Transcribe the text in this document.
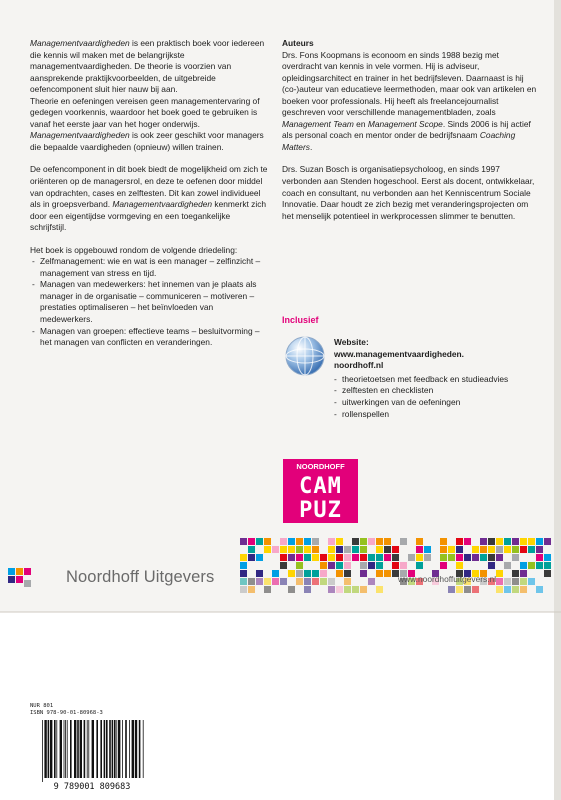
Managementvaardigheden is een praktisch boek voor iedereen die kennis wil maken met de belangrijkste managementvaardigheden. De theorie is voorzien van aansprekende praktijkvoorbeelden, de uitgebreide oefencomponent sluit hier nauw bij aan.

Theorie en oefeningen vereisen geen managementervaring of gedegen voorkennis, waardoor het boek goed te gebruiken is vanaf het eerste jaar van het hoger onderwijs.

Managementvaardigheden is ook zeer geschikt voor managers die bepaalde vaardigheden (opnieuw) willen trainen.

De oefencomponent in dit boek biedt de mogelijkheid om zich te oriënteren op de managersrol, en deze te oefenen door middel van opdrachten, cases en zelftesten. Dit kan zowel individueel als in groepsverband. Managementvaardigheden kenmerkt zich door een eigentijdse vormgeving en een toegankelijke schrijfstijl.

Het boek is opgebouwd rondom de volgende driedeling:

- Zelfmanagement: wie en wat is een manager – zelfinzicht – management van stress en tijd.
- Managen van medewerkers: het innemen van je plaats als manager in de organisatie – communiceren – motiveren – prestaties optimaliseren – het beïnvloeden van medewerkers.
- Managen van groepen: effectieve teams – besluitvorming – het managen van conflicten en veranderingen.

Auteurs

Drs. Fons Koopmans is econoom en sinds 1988 bezig met overdracht van kennis in vele vormen. Hij is adviseur, opleidingsarchitect en trainer in het bedrijfsleven. Daarnaast is hij (co-)auteur van educatieve leermethoden, maar ook van artikelen en boeken voor professionals. Hij heeft als freelancejournalist geschreven voor verschillende managementbladen, zoals Management Team en Management Scope. Sinds 2006 is hij actief als personal coach en mentor onder de bedrijfsnaam Coaching Matters.

Drs. Suzan Bosch is organisatiepsycholoog, en sinds 1997 verbonden aan Stenden hogeschool. Eerst als docent, ontwikkelaar, coach en consultant, nu verbonden aan het Kenniscentrum Sociale Innovatie. Daar houdt ze zich bezig met veranderingsprojecten om het menselijk potentieel in werkprocessen slimmer te benutten.

Inclusief
Website:
www.managementvaardigheden.
noordhoff.nl
- theorietoetsen met feedback en studieadvies
- zelftesten en checklisten
- uitwerkingen van de oefeningen
- rollenspellen
NOORDHOFF
CAM
PUZ
Noordhoff Uitgevers	www.noordhoffuitgevers.nl
NUR 801
ISBN 978-90-01-80968-3
9 789001 809683
